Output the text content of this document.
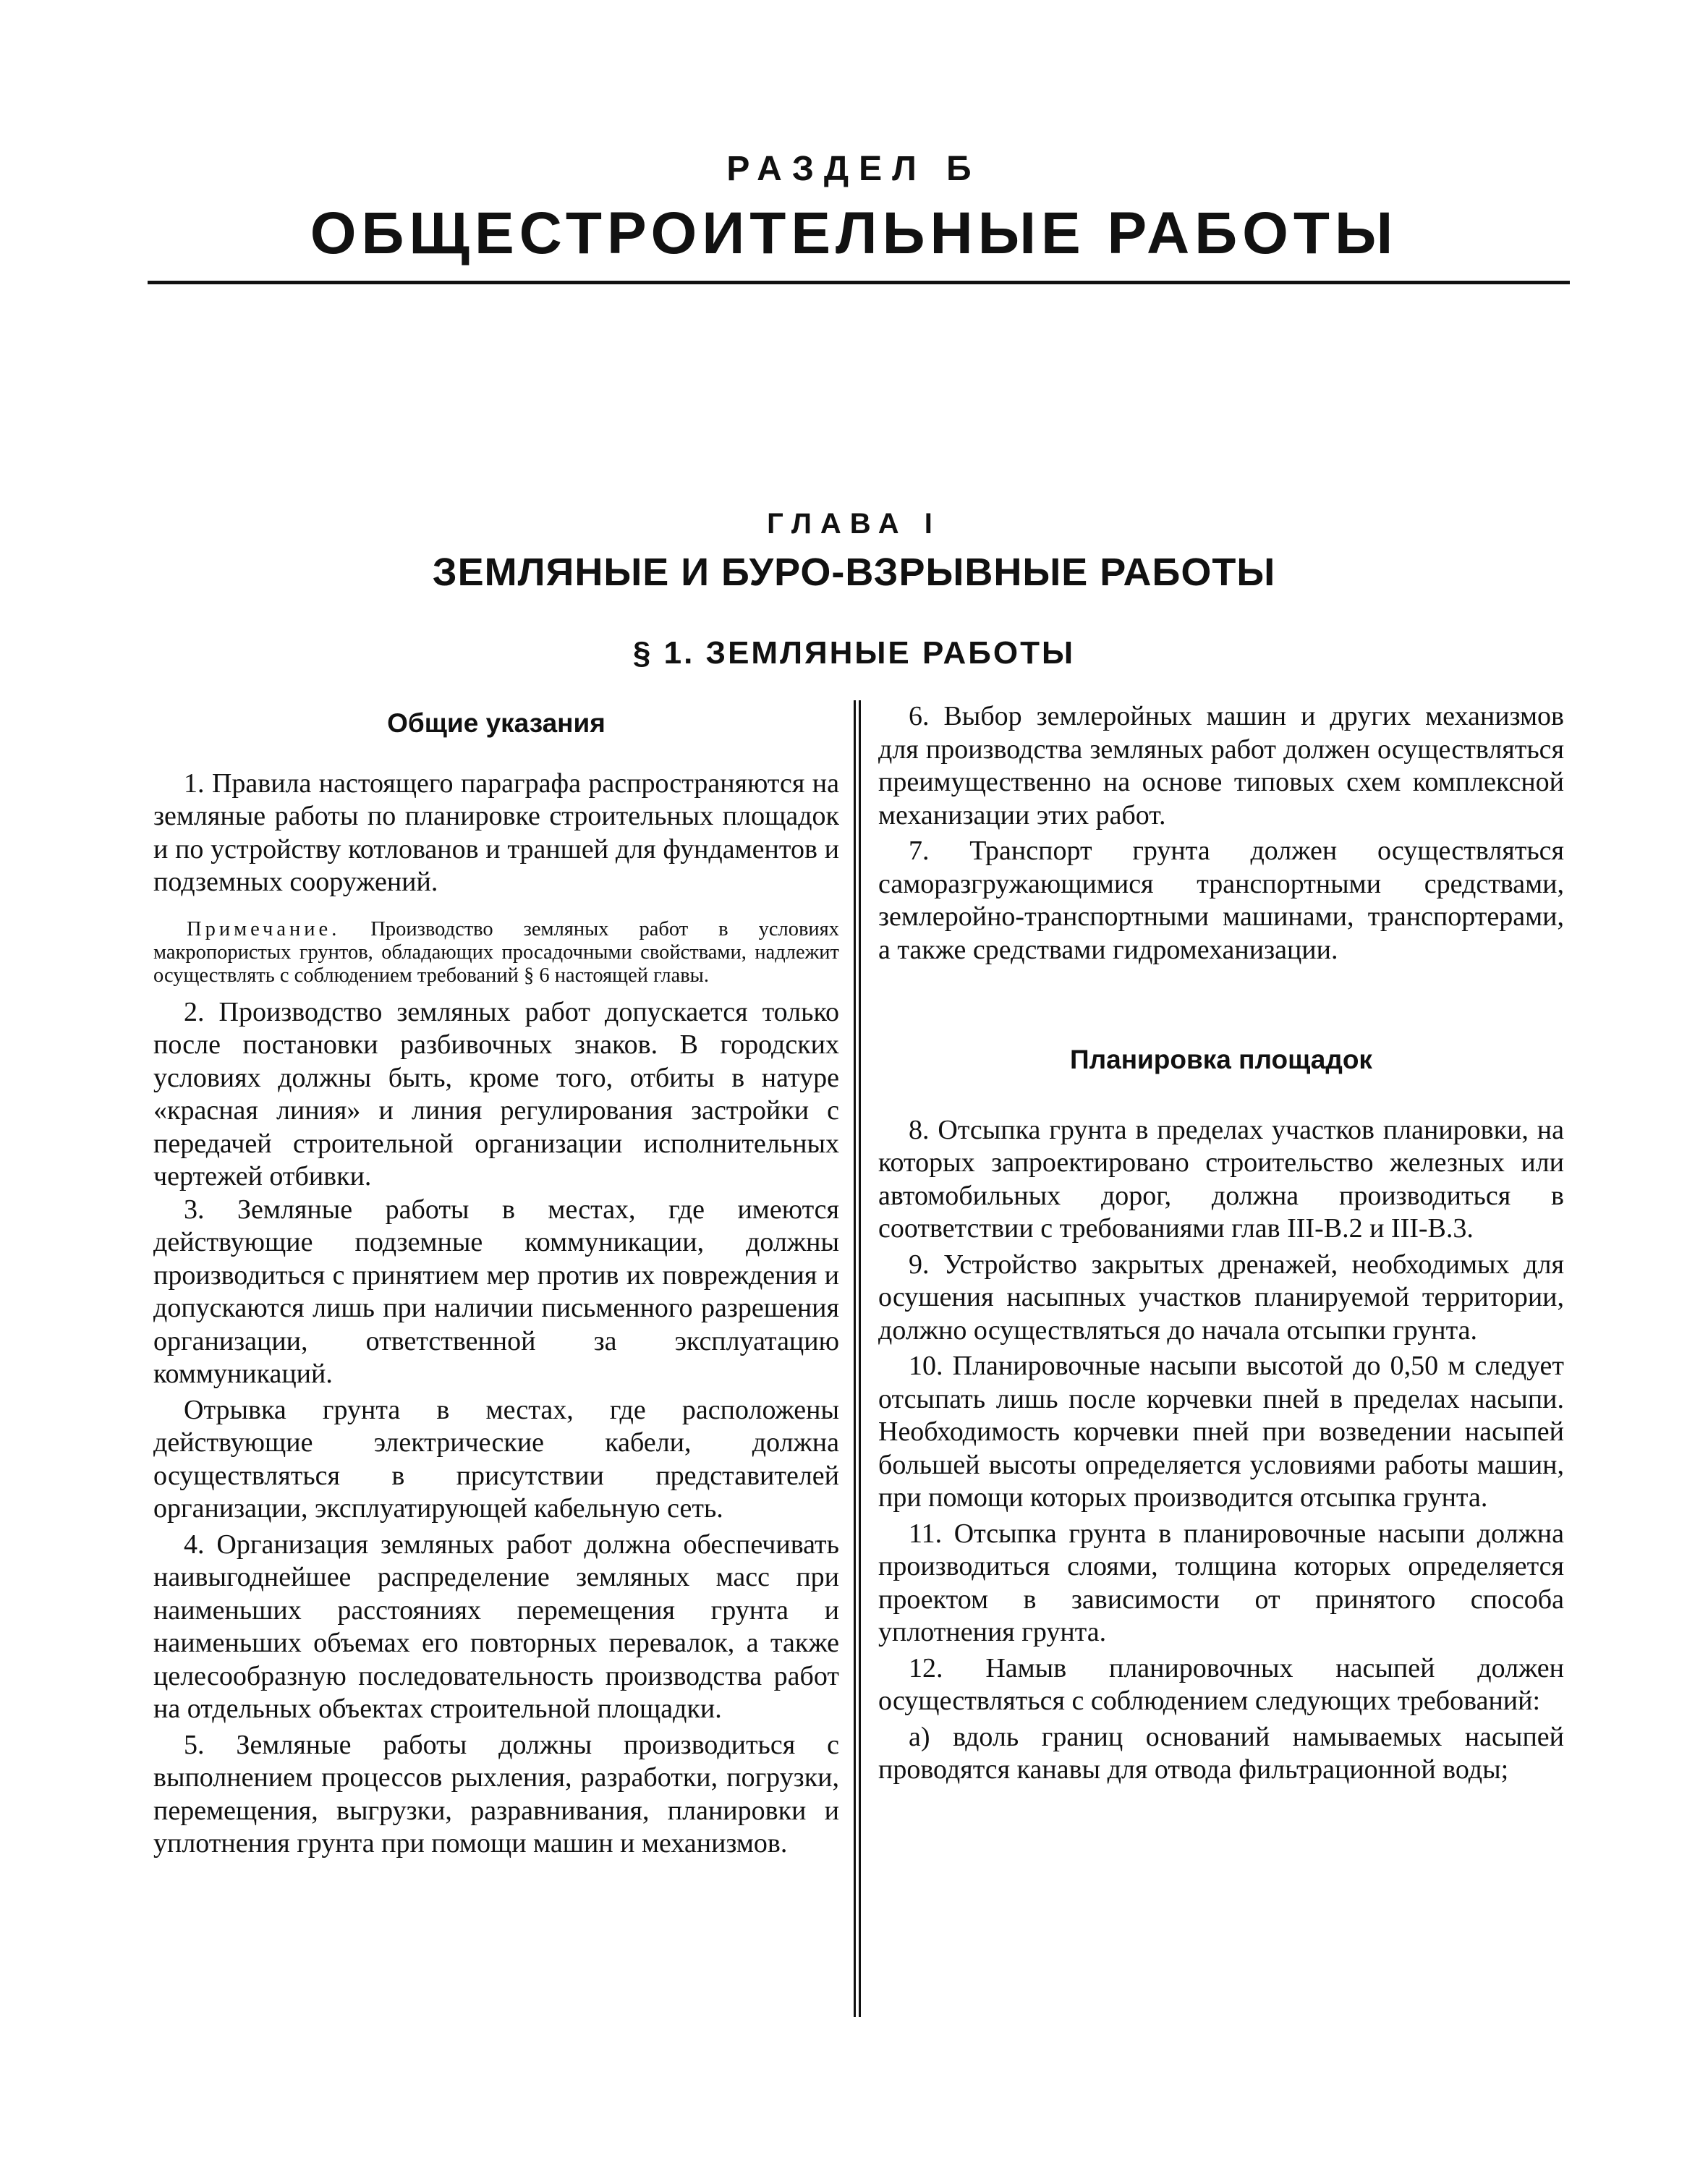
РАЗДЕЛ Б
ОБЩЕСТРОИТЕЛЬНЫЕ РАБОТЫ
ГЛАВА I
ЗЕМЛЯНЫЕ И БУРО-ВЗРЫВНЫЕ РАБОТЫ
§ 1. ЗЕМЛЯНЫЕ РАБОТЫ
Общие указания

1. Правила настоящего параграфа распространяются на земляные работы по планировке строительных площадок и по устройству котлованов и траншей для фундаментов и подземных сооружений.

Примечание. Производство земляных работ в условиях макропористых грунтов, обладающих просадочными свойствами, надлежит осуществлять с соблюдением требований § 6 настоящей главы.

2. Производство земляных работ допускается только после постановки разбивочных знаков. В городских условиях должны быть, кроме того, отбиты в натуре «красная линия» и линия регулирования застройки с передачей строительной организации исполнительных чертежей отбивки.

3. Земляные работы в местах, где имеются действующие подземные коммуникации, должны производиться с принятием мер против их повреждения и допускаются лишь при наличии письменного разрешения организации, ответственной за эксплуатацию коммуникаций.

Отрывка грунта в местах, где расположены действующие электрические кабели, должна осуществляться в присутствии представителей организации, эксплуатирующей кабельную сеть.

4. Организация земляных работ должна обеспечивать наивыгоднейшее распределение земляных масс при наименьших расстояниях перемещения грунта и наименьших объемах его повторных перевалок, а также целесообразную последовательность производства работ на отдельных объектах строительной площадки.

5. Земляные работы должны производиться с выполнением процессов рыхления, разработки, погрузки, перемещения, выгрузки, разравнивания, планировки и уплотнения грунта при помощи машин и механизмов.

6. Выбор землеройных машин и других механизмов для производства земляных работ должен осуществляться преимущественно на основе типовых схем комплексной механизации этих работ.

7. Транспорт грунта должен осуществляться саморазгружающимися транспортными средствами, землеройно-транспортными машинами, транспортерами, а также средствами гидромеханизации.

Планировка площадок

8. Отсыпка грунта в пределах участков планировки, на которых запроектировано строительство железных или автомобильных дорог, должна производиться в соответствии с требованиями глав III-В.2 и III-В.3.

9. Устройство закрытых дренажей, необходимых для осушения насыпных участков планируемой территории, должно осуществляться до начала отсыпки грунта.

10. Планировочные насыпи высотой до 0,50 м следует отсыпать лишь после корчевки пней в пределах насыпи. Необходимость корчевки пней при возведении насыпей большей высоты определяется условиями работы машин, при помощи которых производится отсыпка грунта.

11. Отсыпка грунта в планировочные насыпи должна производиться слоями, толщина которых определяется проектом в зависимости от принятого способа уплотнения грунта.

12. Намыв планировочных насыпей должен осуществляться с соблюдением следующих требований:

а) вдоль границ оснований намываемых насыпей проводятся канавы для отвода фильтрационной воды;
